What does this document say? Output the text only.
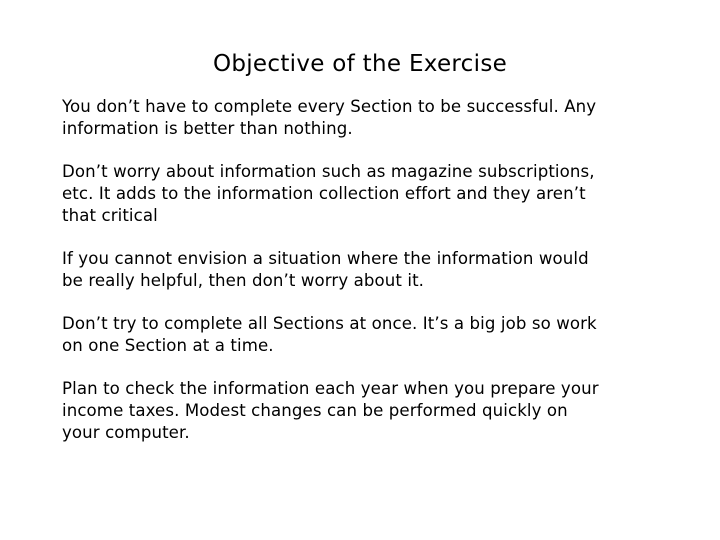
Objective of the Exercise

You don’t have to complete every Section to be successful. Any
information is better than nothing.

Don’t worry about information such as magazine subscriptions,
etc. It adds to the information collection effort and they aren’t
that critical

If you cannot envision a situation where the information would
be really helpful, then don’t worry about it.

Don’t try to complete all Sections at once. It’s a big job so work
on one Section at a time.

Plan to check the information each year when you prepare your
income taxes. Modest changes can be performed quickly on
your computer.
